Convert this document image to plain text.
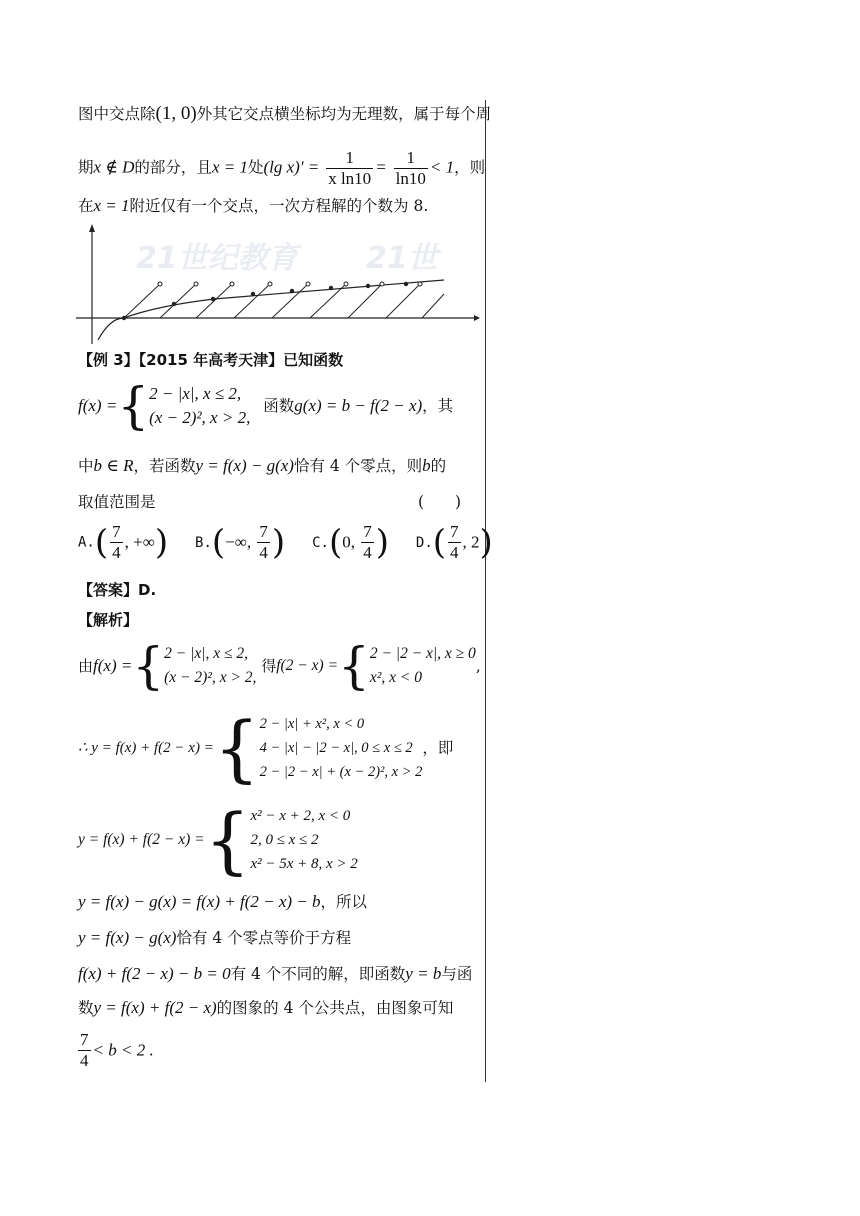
图中交点除(1, 0)外其它交点横坐标均为无理数，属于每个周
期x ∉ D的部分，且x = 1处(lg $x)' = \frac{1}{\text{x ln10}} = \frac{1}{\ln 10} < 1$，则
在x = 1附近仅有一个交点，一次方程解的个数为 8.
21世纪教育 21世
【例 3】【2015 年高考天津】已知函数
f(x) ={ 2 − |x|, x ≤ 2,
(x − 2)², x > 2,
函数g(x) = b − f(2 − x)，其
中b ∈ R，若函数y = f(x) − g(x)恰有 4 个零点，则b的
取值范围是	(　　)
$A.( \frac{7}{4}$ , +∞) B.(−∞, $\frac{7}{4}$ ) C.(0, $\frac{7}{4}$ ) $D.( \frac{7}{4}$ , 2)
【答案】D.
【解析】
由f(x) ={ 2 − |x|, x ≤ 2,
(x − 2)², x > 2,
得f(2 − x) ={ 2 − |2 − x|, x ≥ 0
x², x < 0
,
∴ y = f(x) + f(2 − x) ={ 2 − |x| + x², x < 0
4 − |x| − |2 − x|, 0 ≤ x ≤ 2
2 − |2 − x| + (x − 2)², x > 2
，即
y = f(x) + f(2 − x) ={ x² − x + 2, x < 0
2, 0 ≤ x ≤ 2
x² − 5x + 8, x > 2
y = f(x) − g(x) = f(x) + f(2 − x) − b，所以
y = f(x) − g(x)恰有 4 个零点等价于方程
f(x) + f(2 − x) − b = 0有 4 个不同的解，即函数y = b与函
数y = f(x) + f(2 − x)的图象的 4 个公共点，由图象可知
$\frac{7}{4} < b < 2$ .
